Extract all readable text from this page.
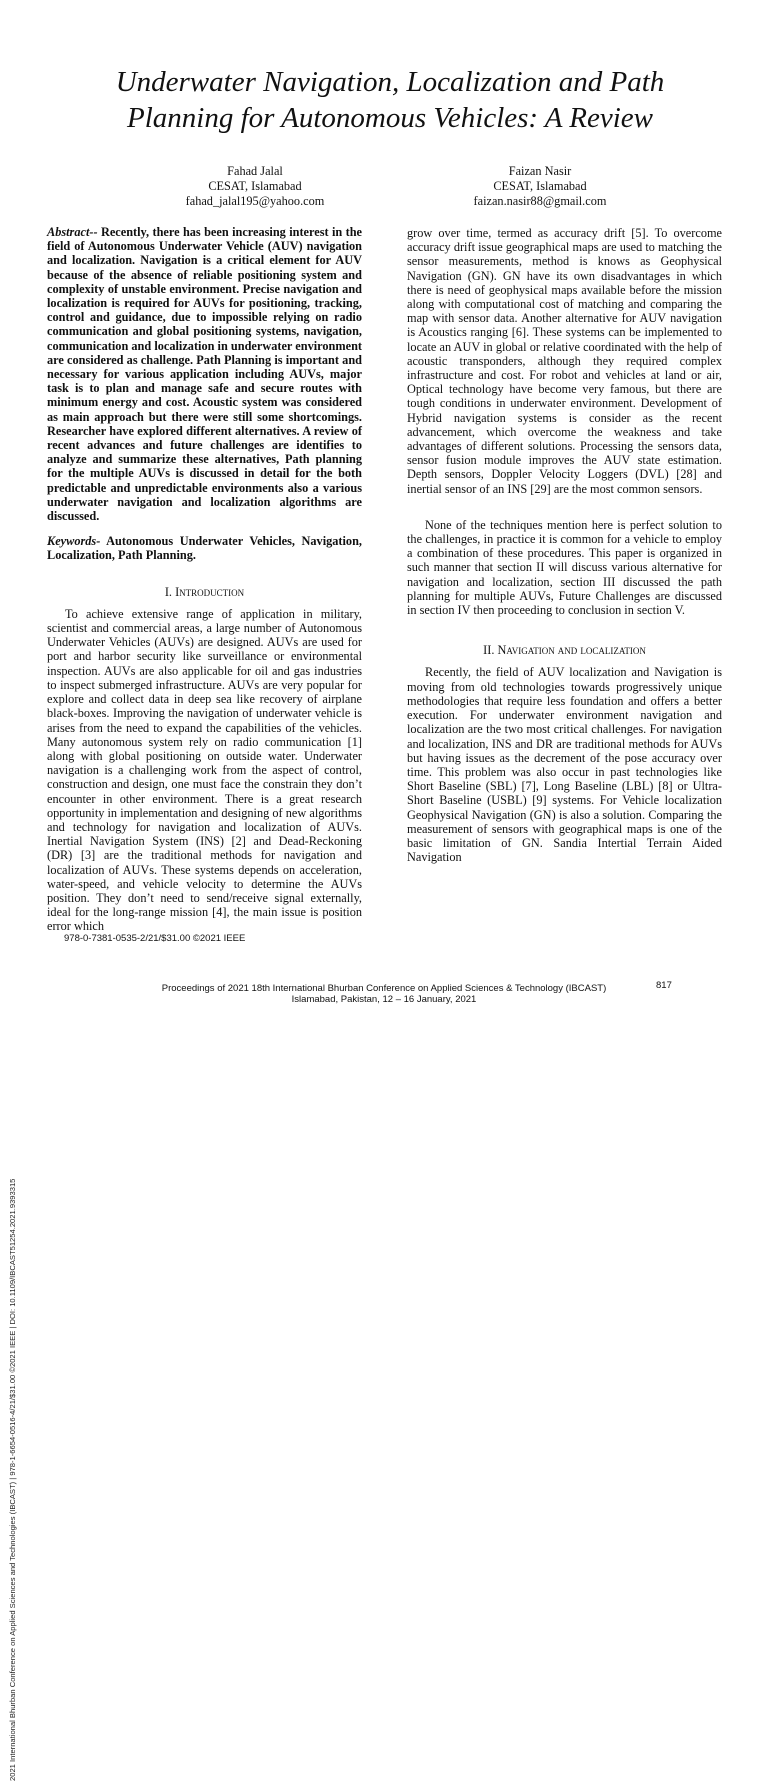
2021 International Bhurban Conference on Applied Sciences and Technologies (IBCAST) | 978-1-6654-0516-4/21/$31.00 ©2021 IEEE | DOI: 10.1109/IBCAST51254.2021.9393315
Underwater Navigation, Localization and Path
Planning for Autonomous Vehicles: A Review
Fahad Jalal
CESAT, Islamabad
fahad_jalal195@yahoo.com
Faizan Nasir
CESAT, Islamabad
faizan.nasir88@gmail.com

Abstract-- Recently, there has been increasing interest in the field of Autonomous Underwater Vehicle (AUV) navigation and localization. Navigation is a critical element for AUV because of the absence of reliable positioning system and complexity of unstable environment. Precise navigation and localization is required for AUVs for positioning, tracking, control and guidance, due to impossible relying on radio communication and global positioning systems, navigation, communication and localization in underwater environment are considered as challenge. Path Planning is important and necessary for various application including AUVs, major task is to plan and manage safe and secure routes with minimum energy and cost. Acoustic system was considered as main approach but there were still some shortcomings. Researcher have explored different alternatives. A review of recent advances and future challenges are identifies to analyze and summarize these alternatives, Path planning for the multiple AUVs is discussed in detail for the both predictable and unpredictable environments also a various underwater navigation and localization algorithms are discussed.

Keywords- Autonomous Underwater Vehicles, Navigation, Localization, Path Planning.

I. Introduction

To achieve extensive range of application in military, scientist and commercial areas, a large number of Autonomous Underwater Vehicles (AUVs) are designed. AUVs are used for port and harbor security like surveillance or environmental inspection. AUVs are also applicable for oil and gas industries to inspect submerged infrastructure. AUVs are very popular for explore and collect data in deep sea like recovery of airplane black-boxes. Improving the navigation of underwater vehicle is arises from the need to expand the capabilities of the vehicles. Many autonomous system rely on radio communication [1] along with global positioning on outside water. Underwater navigation is a challenging work from the aspect of control, construction and design, one must face the constrain they don’t encounter in other environment. There is a great research opportunity in implementation and designing of new algorithms and technology for navigation and localization of AUVs. Inertial Navigation System (INS) [2] and Dead-Reckoning (DR) [3] are the traditional methods for navigation and localization of AUVs. These systems depends on acceleration, water-speed, and vehicle velocity to determine the AUVs position. They don’t need to send/receive signal externally, ideal for the long-range mission [4], the main issue is position error which

grow over time, termed as accuracy drift [5]. To overcome accuracy drift issue geographical maps are used to matching the sensor measurements, method is knows as Geophysical Navigation (GN). GN have its own disadvantages in which there is need of geophysical maps available before the mission along with computational cost of matching and comparing the map with sensor data. Another alternative for AUV navigation is Acoustics ranging [6]. These systems can be implemented to locate an AUV in global or relative coordinated with the help of acoustic transponders, although they required complex infrastructure and cost. For robot and vehicles at land or air, Optical technology have become very famous, but there are tough conditions in underwater environment. Development of Hybrid navigation systems is consider as the recent advancement, which overcome the weakness and take advantages of different solutions. Processing the sensors data, sensor fusion module improves the AUV state estimation. Depth sensors, Doppler Velocity Loggers (DVL) [28] and inertial sensor of an INS [29] are the most common sensors.

None of the techniques mention here is perfect solution to the challenges, in practice it is common for a vehicle to employ a combination of these procedures. This paper is organized in such manner that section II will discuss various alternative for navigation and localization, section III discussed the path planning for multiple AUVs, Future Challenges are discussed in section IV then proceeding to conclusion in section V.

II. Navigation and localization

Recently, the field of AUV localization and Navigation is moving from old technologies towards progressively unique methodologies that require less foundation and offers a better execution. For underwater environment navigation and localization are the two most critical challenges. For navigation and localization, INS and DR are traditional methods for AUVs but having issues as the decrement of the pose accuracy over time. This problem was also occur in past technologies like Short Baseline (SBL) [7], Long Baseline (LBL) [8] or Ultra-Short Baseline (USBL) [9] systems. For Vehicle localization Geophysical Navigation (GN) is also a solution. Comparing the measurement of sensors with geographical maps is one of the basic limitation of GN. Sandia Intertial Terrain Aided Navigation

978-0-7381-0535-2/21/$31.00 ©2021 IEEE
Proceedings of 2021 18th International Bhurban Conference on Applied Sciences & Technology (IBCAST)
Islamabad, Pakistan, 12 – 16 January, 2021
817
